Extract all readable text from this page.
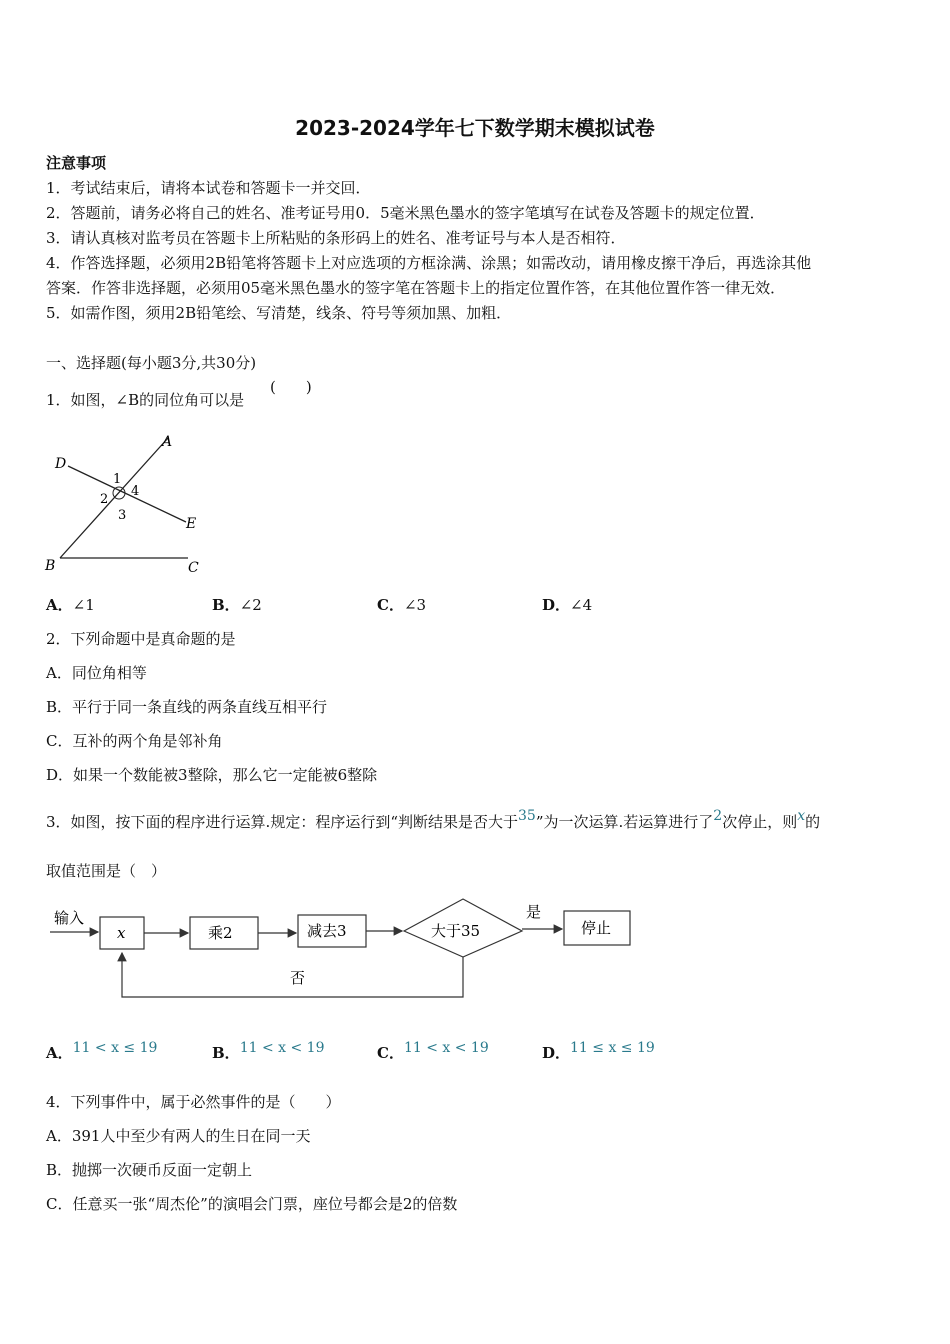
2023-2024学年七下数学期末模拟试卷
注意事项
1．考试结束后，请将本试卷和答题卡一并交回．
2．答题前，请务必将自己的姓名、准考证号用0．5毫米黑色墨水的签字笔填写在试卷及答题卡的规定位置．
3．请认真核对监考员在答题卡上所粘贴的条形码上的姓名、准考证号与本人是否相符．
4．作答选择题，必须用2B铅笔将答题卡上对应选项的方框涂满、涂黑；如需改动，请用橡皮擦干净后，再选涂其他
答案．作答非选择题，必须用05毫米黑色墨水的签字笔在答题卡上的指定位置作答，在其他位置作答一律无效．
5．如需作图，须用2B铅笔绘、写清楚，线条、符号等须加黑、加粗．
一、选择题(每小题3分,共30分)
1．如图，∠B的同位角可以是
(　　)
A
B	C
D
E
1
2
3
4
A．∠1	B．∠2	C．∠3	D．∠4
2．下列命题中是真命题的是
A．同位角相等
B．平行于同一条直线的两条直线互相平行
C．互补的两个角是邻补角
D．如果一个数能被3整除，那么它一定能被6整除
3．如图，按下面的程序进行运算.规定：程序运行到“判断结果是否大于35”为一次运算.若运算进行了2次停止，则x的
取值范围是（　）
输入
x	乘2	减去3	大于35
是
停止
否
A．11 < x ≤ 19	B．11 < x < 19	C．11 < x < 19	D．11 ≤ x ≤ 19
4．下列事件中，属于必然事件的是（　　）
A．391人中至少有两人的生日在同一天
B．抛掷一次硬币反面一定朝上
C．任意买一张“周杰伦”的演唱会门票，座位号都会是2的倍数
